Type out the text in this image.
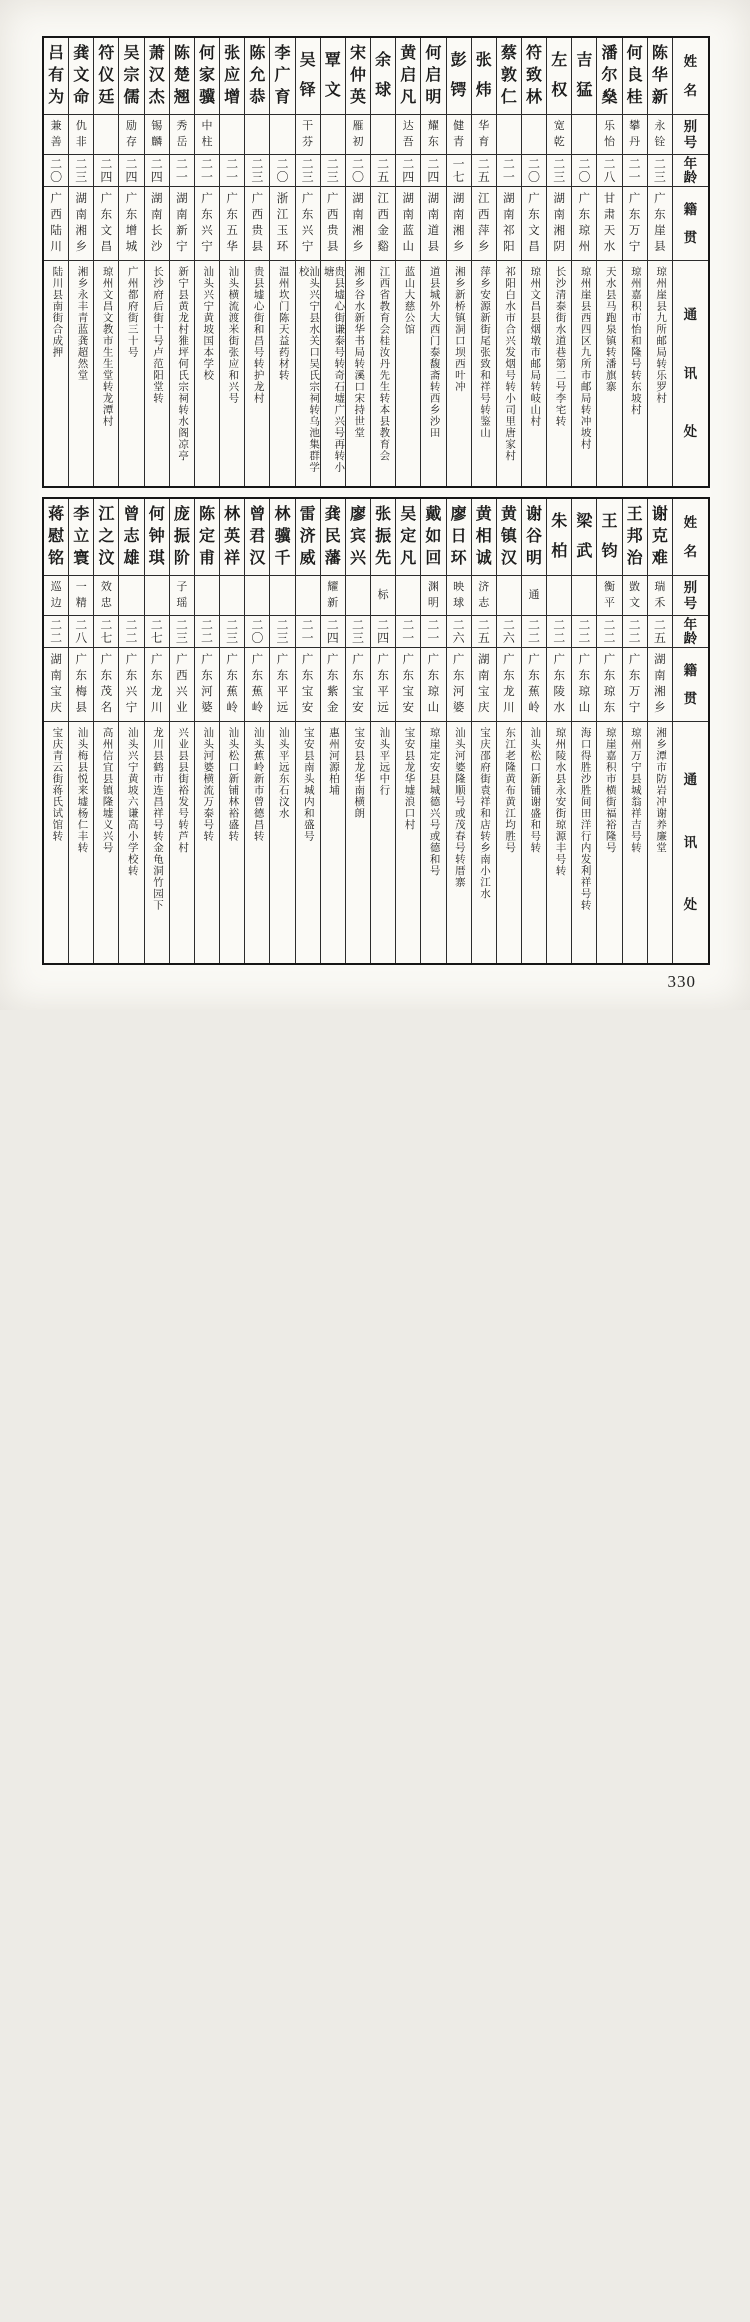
吕
有
为
兼
善
二
〇
广
西
陆
川
陆川县南街合成押
龚
文
命
仇
非
二
三
湖
南
湘
乡
湘乡永丰青蓝龚超然堂
符
仪
廷
二
四
广
东
文
昌
琼州文昌文教市生生堂转龙潭村
吴
宗
儒
励
存
二
四
广
东
增
城
广州都府街三十号
萧
汉
杰
锡
麟
二
四
湖
南
长
沙
长沙府后街十号卢范阳堂转
陈
楚
翘
秀
岳
二
一
湖
南
新
宁
新宁县黄龙村猚坪何氏宗祠转水阁凉亭
何
家
骥
中
柱
二
一
广
东
兴
宁
汕头兴宁黄坡国本学校
张
应
增
二
一
广
东
五
华
汕头横流渡米街张应和兴号
陈
允
恭
二
三
广
西
贵
县
贵县墟心街和昌号转护龙村
李
广
育
二
〇
浙
江
玉
环
温州坎门陈天益药材转
吴
铎
干
芬
二
三
广
东
兴
宁
汕头兴宁县水关口吴氏宗祠转乌池集群学校
覃
文
二
三
广
西
贵
县
贵县墟心街谦泰号转奇石墟广兴号再转小塘
宋
仲
英
雁
初
二
〇
湖
南
湘
乡
湘乡谷水新华书局转溪口宋持世堂
余
球
二
五
江
西
金
谿
江西省教育会桂汝丹先生转本县教育会
黄
启
凡
达
吾
二
四
湖
南
蓝
山
蓝山大慈公馆
何
启
明
耀
东
二
四
湖
南
道
县
道县城外大西门泰馥斋转西乡沙田
彭
锷
健
青
一
七
湖
南
湘
乡
湘乡新桥镇洞口坝西叶冲
张
炜
华
育
二
五
江
西
萍
乡
萍乡安源新街尾张致和祥号转鉴山
蔡
敦
仁
二
一
湖
南
祁
阳
祁阳白水市合兴发烟号转小司里唐家村
符
致
林
二
〇
广
东
文
昌
琼州文昌县烟墩市邮局转岐山村
左
权
宽
乾
二
三
湖
南
湘
阴
长沙清泰街水道巷第二号李宅转
吉
猛
二
〇
广
东
琼
州
琼州崖县西四区九所市邮局转冲坡村
潘
尔
燊
乐
怡
二
八
甘
肃
天
水
天水县马跑泉镇转潘旗寨
何
良
桂
攀
丹
二
一
广
东
万
宁
琼州嘉积市怡和隆号转东坡村
陈
华
新
永
铨
二
三
广
东
崖
县
琼州崖县九所邮局转乐罗村
姓
名
别
号
年
龄
籍
贯
通
讯
处
蒋
慰
铭
巡
边
二
二
湖
南
宝
庆
宝庆青云街蒋氏试馆转
李
立
寰
一
精
二
八
广
东
梅
县
汕头梅县悦来墟杨仁丰转
江
之
汶
效
忠
二
七
广
东
茂
名
高州信宜县镇隆墟义兴号
曾
志
雄
二
二
广
东
兴
宁
汕头兴宁黄坡六谦高小学校转
何
钟
琪
二
七
广
东
龙
川
龙川县鹤市连昌祥号转金龟洞竹园下
庞
振
阶
子
瑶
二
三
广
西
兴
业
兴业县县街裕发号转芦村
陈
定
甫
二
二
广
东
河
婆
汕头河婆横流万泰号转
林
英
祥
二
三
广
东
蕉
岭
汕头松口新铺林裕盛转
曾
君
汉
二
〇
广
东
蕉
岭
汕头蕉岭新市曾德昌转
林
骥
千
二
三
广
东
平
远
汕头平远东石汶水
雷
济
威
二
一
广
东
宝
安
宝安县南头城内和盛号
龚
民
藩
耀
新
二
四
广
东
紫
金
惠州河源柏埔
廖
宾
兴
二
三
广
东
宝
安
宝安县龙华南横朗
张
振
先
标
二
四
广
东
平
远
汕头平远中行
吴
定
凡
二
一
广
东
宝
安
宝安县龙华墟浪口村
戴
如
回
渊
明
二
一
广
东
琼
山
琼崖定安县城德兴号或德和号
廖
日
环
映
球
二
六
广
东
河
婆
汕头河婆隆顺号或茂春号转厝寨
黄
相
诚
济
志
二
五
湖
南
宝
庆
宝庆邵府街袁祥和店转乡南小江水
黄
镇
汉
二
六
广
东
龙
川
东江老隆黄布黄江均胜号
谢
谷
明
通
二
二
广
东
蕉
岭
汕头松口新铺谢盛和号转
朱
柏
二
二
广
东
陵
水
琼州陵水县永安街琼源丰号转
梁
武
二
二
广
东
琼
山
海口得胜沙胜间田洋行内发利祥号转
王
钧
衡
平
二
二
广
东
琼
东
琼崖嘉积市横街福裕隆号
王
邦
治
敳
文
二
二
广
东
万
宁
琼州万宁县城翁祥吉号转
谢
克
难
瑞
禾
二
五
湖
南
湘
乡
湘乡潭市防岩冲谢养廉堂
姓
名
别
号
年
龄
籍
贯
通
讯
处
330
